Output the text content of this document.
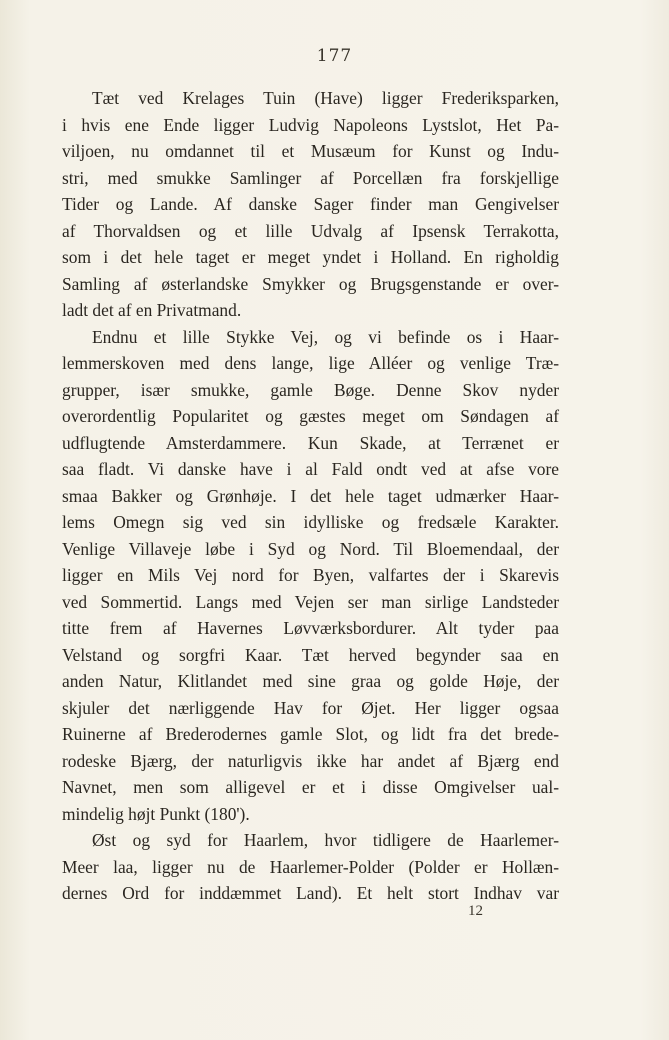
177
Tæt ved Krelages Tuin (Have) ligger Frederiksparken,
i hvis ene Ende ligger Ludvig Napoleons Lystslot, Het Pa-
viljoen, nu omdannet til et Musæum for Kunst og Indu-
stri, med smukke Samlinger af Porcellæn fra forskjellige
Tider og Lande. Af danske Sager finder man Gengivelser
af Thorvaldsen og et lille Udvalg af Ipsensk Terrakotta,
som i det hele taget er meget yndet i Holland. En righoldig
Samling af østerlandske Smykker og Brugsgenstande er over-
ladt det af en Privatmand.
Endnu et lille Stykke Vej, og vi befinde os i Haar-
lemmerskoven med dens lange, lige Alléer og venlige Træ-
grupper, især smukke, gamle Bøge. Denne Skov nyder
overordentlig Popularitet og gæstes meget om Søndagen af
udflugtende Amsterdammere. Kun Skade, at Terrænet er
saa fladt. Vi danske have i al Fald ondt ved at afse vore
smaa Bakker og Grønhøje. I det hele taget udmærker Haar-
lems Omegn sig ved sin idylliske og fredsæle Karakter.
Venlige Villaveje løbe i Syd og Nord. Til Bloemendaal, der
ligger en Mils Vej nord for Byen, valfartes der i Skarevis
ved Sommertid. Langs med Vejen ser man sirlige Landsteder
titte frem af Havernes Løvværksbordurer. Alt tyder paa
Velstand og sorgfri Kaar. Tæt herved begynder saa en
anden Natur, Klitlandet med sine graa og golde Høje, der
skjuler det nærliggende Hav for Øjet. Her ligger ogsaa
Ruinerne af Brederodernes gamle Slot, og lidt fra det brede-
rodeske Bjærg, der naturligvis ikke har andet af Bjærg end
Navnet, men som alligevel er et i disse Omgivelser ual-
mindelig højt Punkt (180').
Øst og syd for Haarlem, hvor tidligere de Haarlemer-
Meer laa, ligger nu de Haarlemer-Polder (Polder er Hollæn-
dernes Ord for inddæmmet Land). Et helt stort Indhav var
12
